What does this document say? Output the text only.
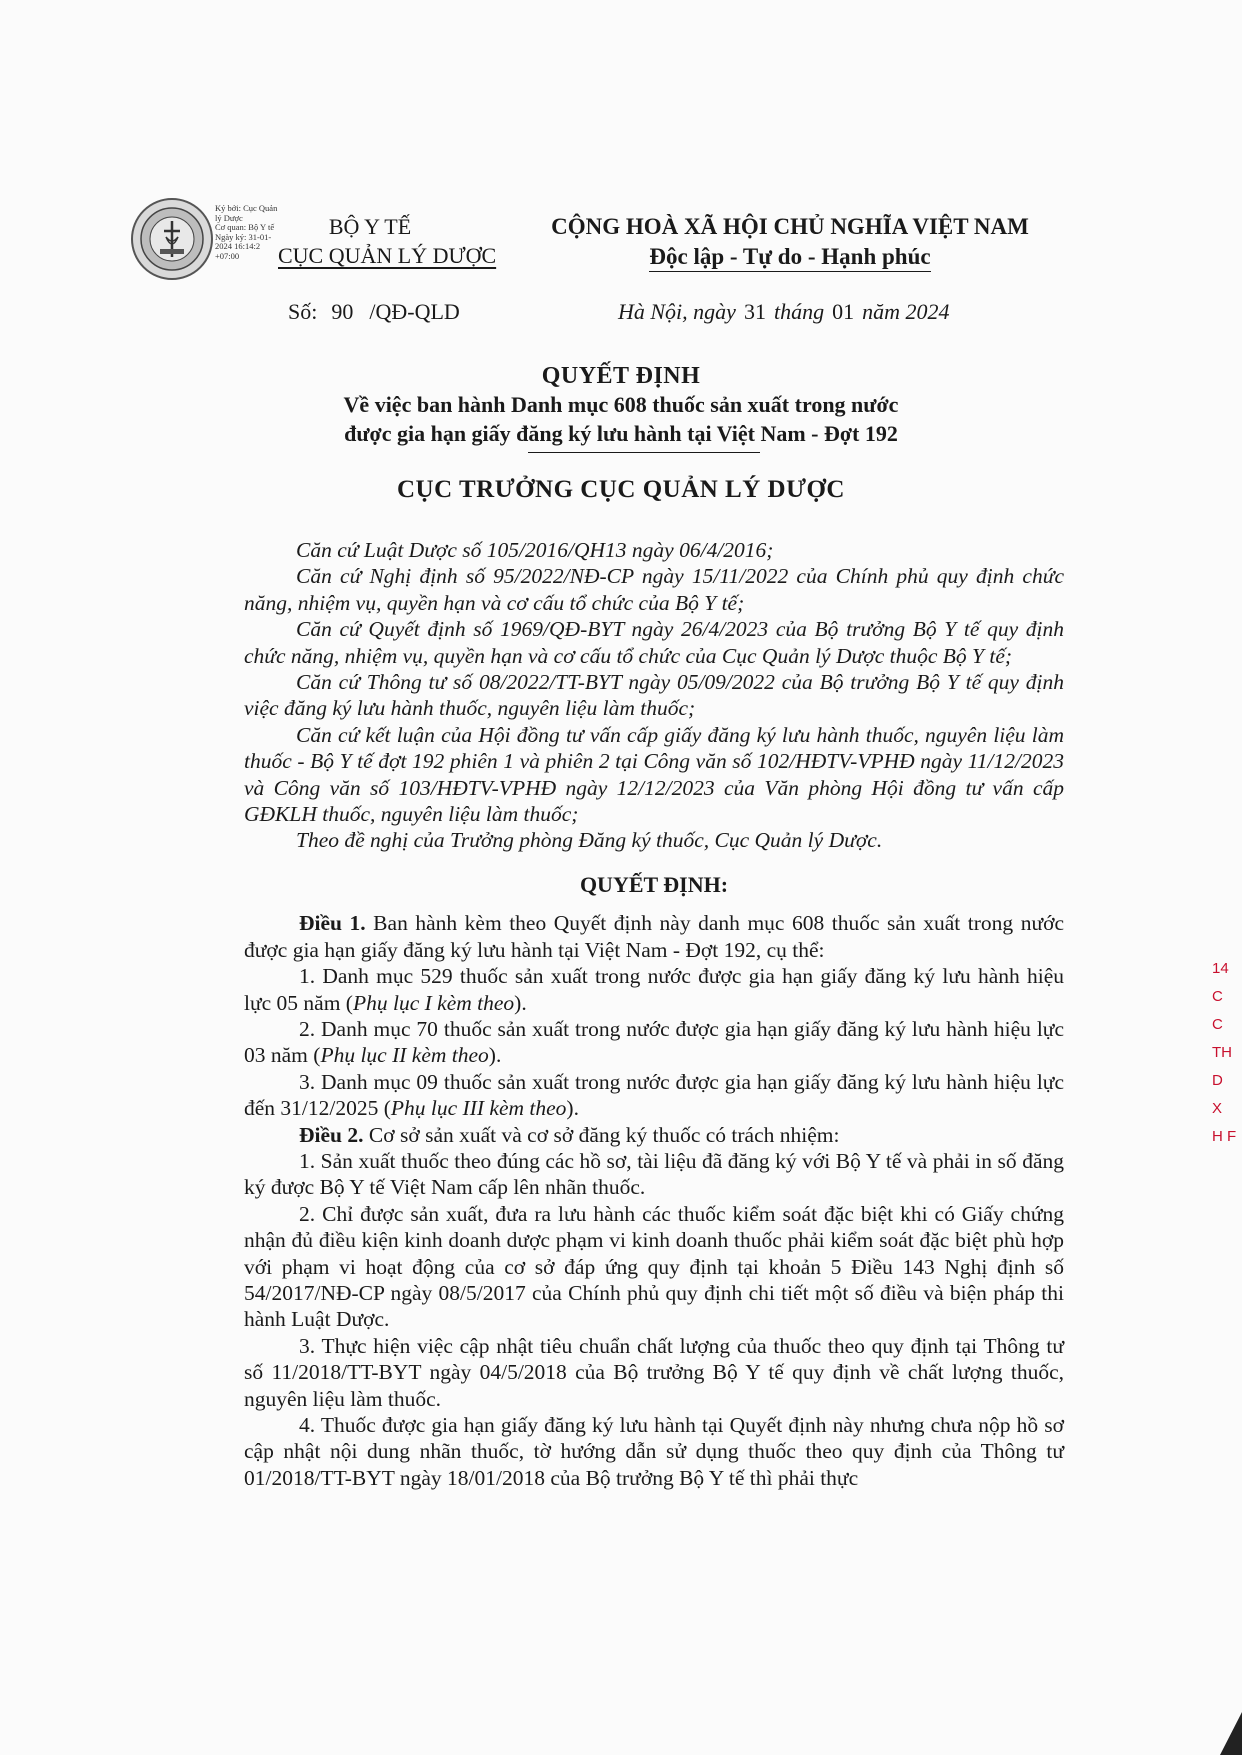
Ký bởi: Cục Quản
lý Dược
Cơ quan: Bộ Y tế
Ngày ký: 31-01-
2024 16:14:2
+07:00
BỘ Y TẾ
CỤC QUẢN LÝ DƯỢC
CỘNG HOÀ XÃ HỘI CHỦ NGHĨA VIỆT NAM
Độc lập - Tự do - Hạnh phúc
Số: 90 /QĐ-QLD	Hà Nội, ngày 31 tháng 01 năm 2024
QUYẾT ĐỊNH
Về việc ban hành Danh mục 608 thuốc sản xuất trong nước
được gia hạn giấy đăng ký lưu hành tại Việt Nam - Đợt 192
CỤC TRƯỞNG CỤC QUẢN LÝ DƯỢC

Căn cứ Luật Dược số 105/2016/QH13 ngày 06/4/2016;

Căn cứ Nghị định số 95/2022/NĐ-CP ngày 15/11/2022 của Chính phủ quy định chức năng, nhiệm vụ, quyền hạn và cơ cấu tổ chức của Bộ Y tế;

Căn cứ Quyết định số 1969/QĐ-BYT ngày 26/4/2023 của Bộ trưởng Bộ Y tế quy định chức năng, nhiệm vụ, quyền hạn và cơ cấu tổ chức của Cục Quản lý Dược thuộc Bộ Y tế;

Căn cứ Thông tư số 08/2022/TT-BYT ngày 05/09/2022 của Bộ trưởng Bộ Y tế quy định việc đăng ký lưu hành thuốc, nguyên liệu làm thuốc;

Căn cứ kết luận của Hội đồng tư vấn cấp giấy đăng ký lưu hành thuốc, nguyên liệu làm thuốc - Bộ Y tế đợt 192 phiên 1 và phiên 2 tại Công văn số 102/HĐTV-VPHĐ ngày 11/12/2023 và Công văn số 103/HĐTV-VPHĐ ngày 12/12/2023 của Văn phòng Hội đồng tư vấn cấp GĐKLH thuốc, nguyên liệu làm thuốc;

Theo đề nghị của Trưởng phòng Đăng ký thuốc, Cục Quản lý Dược.

QUYẾT ĐỊNH:

Điều 1. Ban hành kèm theo Quyết định này danh mục 608 thuốc sản xuất trong nước được gia hạn giấy đăng ký lưu hành tại Việt Nam - Đợt 192, cụ thể:

1. Danh mục 529 thuốc sản xuất trong nước được gia hạn giấy đăng ký lưu hành hiệu lực 05 năm (Phụ lục I kèm theo).

2. Danh mục 70 thuốc sản xuất trong nước được gia hạn giấy đăng ký lưu hành hiệu lực 03 năm (Phụ lục II kèm theo).

3. Danh mục 09 thuốc sản xuất trong nước được gia hạn giấy đăng ký lưu hành hiệu lực đến 31/12/2025 (Phụ lục III kèm theo).

Điều 2. Cơ sở sản xuất và cơ sở đăng ký thuốc có trách nhiệm:

1. Sản xuất thuốc theo đúng các hồ sơ, tài liệu đã đăng ký với Bộ Y tế và phải in số đăng ký được Bộ Y tế Việt Nam cấp lên nhãn thuốc.

2. Chỉ được sản xuất, đưa ra lưu hành các thuốc kiểm soát đặc biệt khi có Giấy chứng nhận đủ điều kiện kinh doanh dược phạm vi kinh doanh thuốc phải kiểm soát đặc biệt phù hợp với phạm vi hoạt động của cơ sở đáp ứng quy định tại khoản 5 Điều 143 Nghị định số 54/2017/NĐ-CP ngày 08/5/2017 của Chính phủ quy định chi tiết một số điều và biện pháp thi hành Luật Dược.

3. Thực hiện việc cập nhật tiêu chuẩn chất lượng của thuốc theo quy định tại Thông tư số 11/2018/TT-BYT ngày 04/5/2018 của Bộ trưởng Bộ Y tế quy định về chất lượng thuốc, nguyên liệu làm thuốc.

4. Thuốc được gia hạn giấy đăng ký lưu hành tại Quyết định này nhưng chưa nộp hồ sơ cập nhật nội dung nhãn thuốc, tờ hướng dẫn sử dụng thuốc theo quy định của Thông tư 01/2018/TT-BYT ngày 18/01/2018 của Bộ trưởng Bộ Y tế thì phải thực

14
C
C
TH
D
X
H F
